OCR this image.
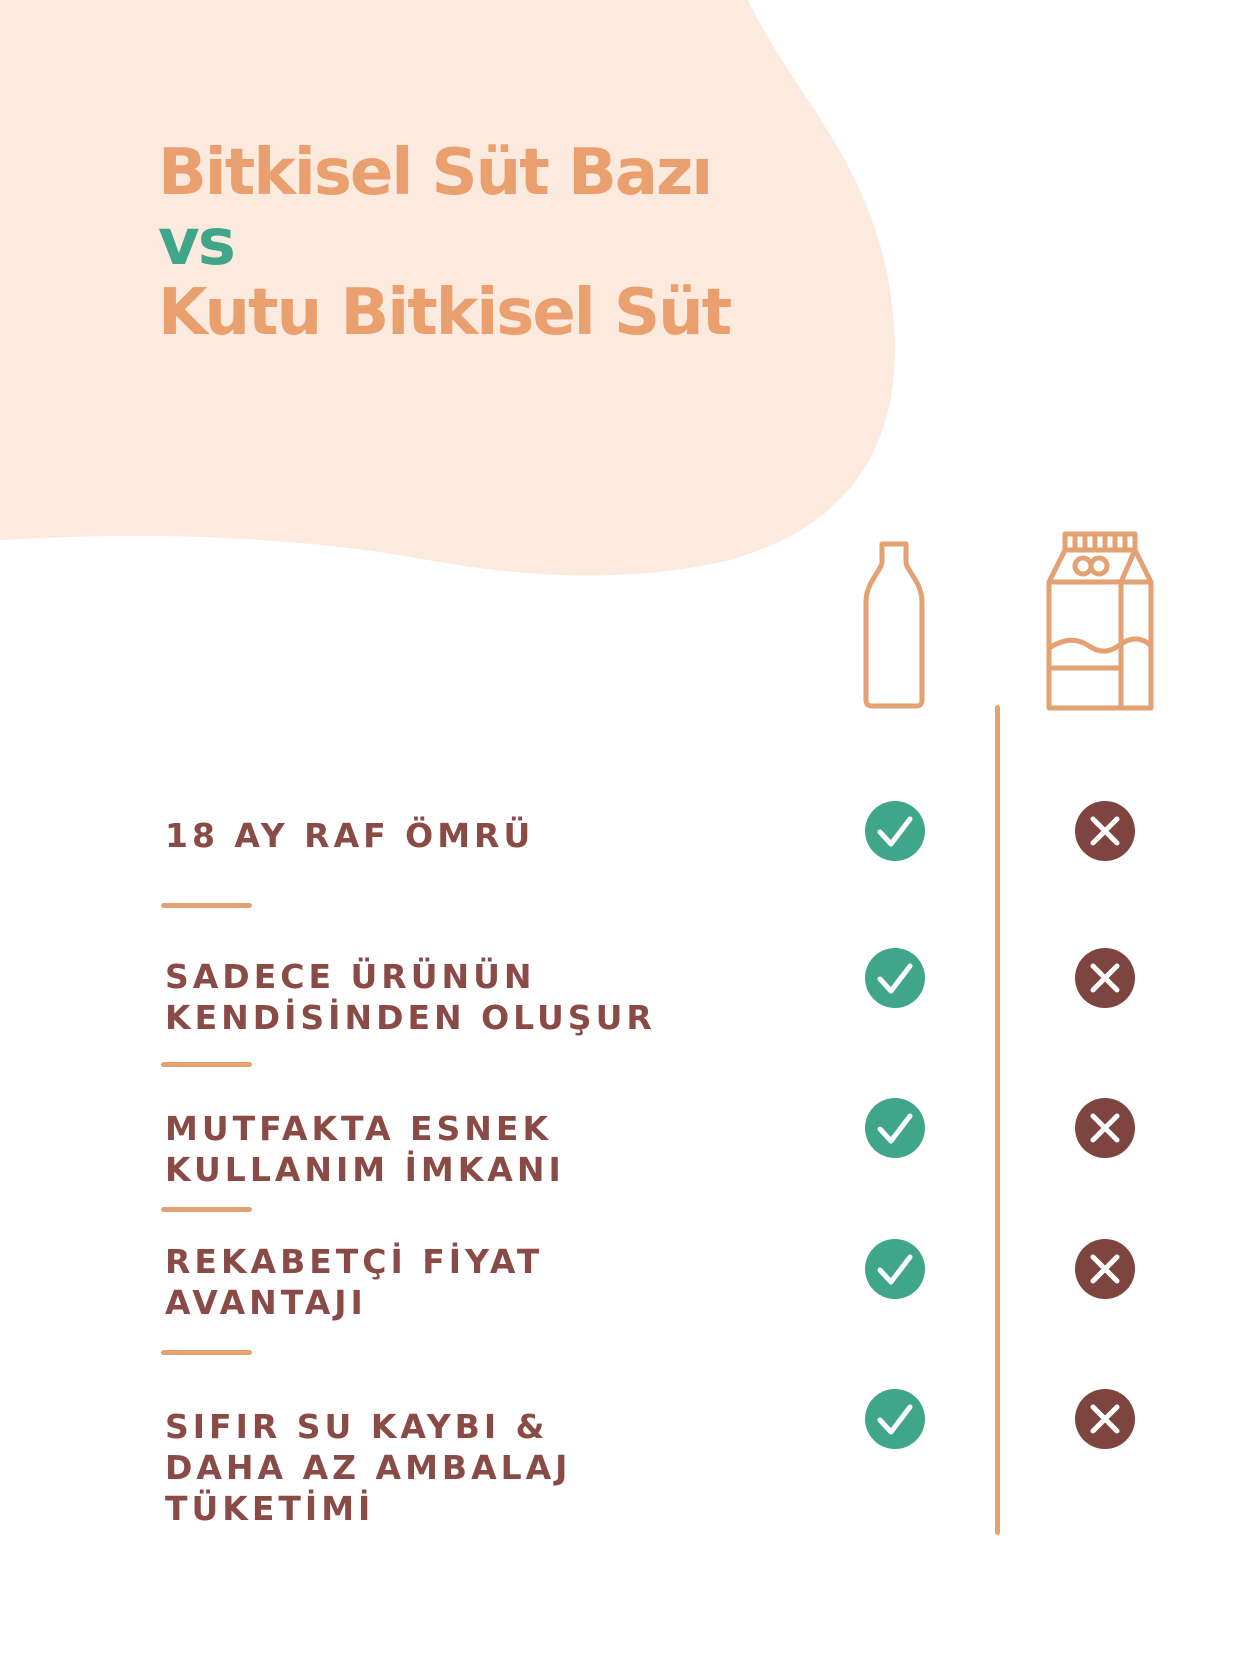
Bitkisel Süt Bazı
vs
Kutu Bitkisel Süt
18 AY RAF ÖMRÜ
SADECE ÜRÜNÜN
KENDİSİNDEN OLUŞUR
MUTFAKTA ESNEK
KULLANIM İMKANI
REKABETÇİ FİYAT
AVANTAJI
SIFIR SU KAYBI &
DAHA AZ AMBALAJ
TÜKETİMİ
